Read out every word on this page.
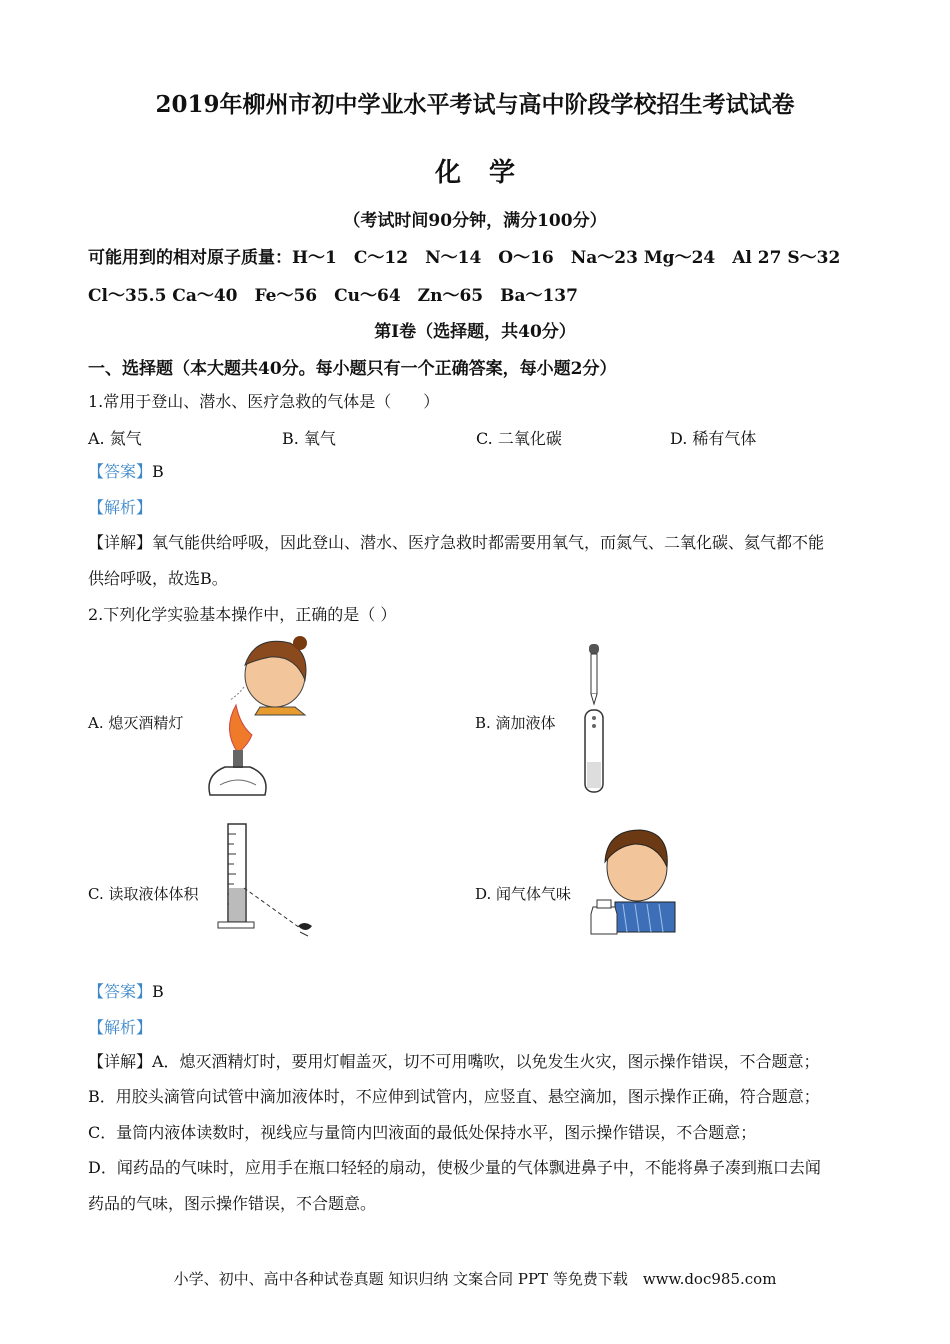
2019年柳州市初中学业水平考试与高中阶段学校招生考试试卷
化学
（考试时间90分钟，满分100分）
可能用到的相对原子质量：H～1　C～12　N～14　O～16　Na～23 Mg～24　Al 27 S～32
Cl～35.5 Ca～40　Fe～56　Cu～64　Zn～65　Ba～137
第Ⅰ卷（选择题，共40分）
一、选择题（本大题共40分。每小题只有一个正确答案，每小题2分）
1.常用于登山、潜水、医疗急救的气体是（　　）
A. 氮气	B. 氧气	C. 二氧化碳	D. 稀有气体
【答案】B
【解析】
【详解】氧气能供给呼吸，因此登山、潜水、医疗急救时都需要用氧气，而氮气、二氧化碳、氦气都不能
供给呼吸，故选B。
2.下列化学实验基本操作中，正确的是（ ）
A. 熄灭酒精灯	B. 滴加液体
C. 读取液体体积	D. 闻气体气味
【答案】B
【解析】
【详解】A．熄灭酒精灯时，要用灯帽盖灭，切不可用嘴吹，以免发生火灾，图示操作错误，不合题意；
B．用胶头滴管向试管中滴加液体时，不应伸到试管内，应竖直、悬空滴加，图示操作正确，符合题意；
C．量筒内液体读数时，视线应与量筒内凹液面的最低处保持水平，图示操作错误，不合题意；
D．闻药品的气味时，应用手在瓶口轻轻的扇动，使极少量的气体飘进鼻子中，不能将鼻子凑到瓶口去闻
药品的气味，图示操作错误，不合题意。
小学、初中、高中各种试卷真题 知识归纳 文案合同 PPT 等免费下载　www.doc985.com
